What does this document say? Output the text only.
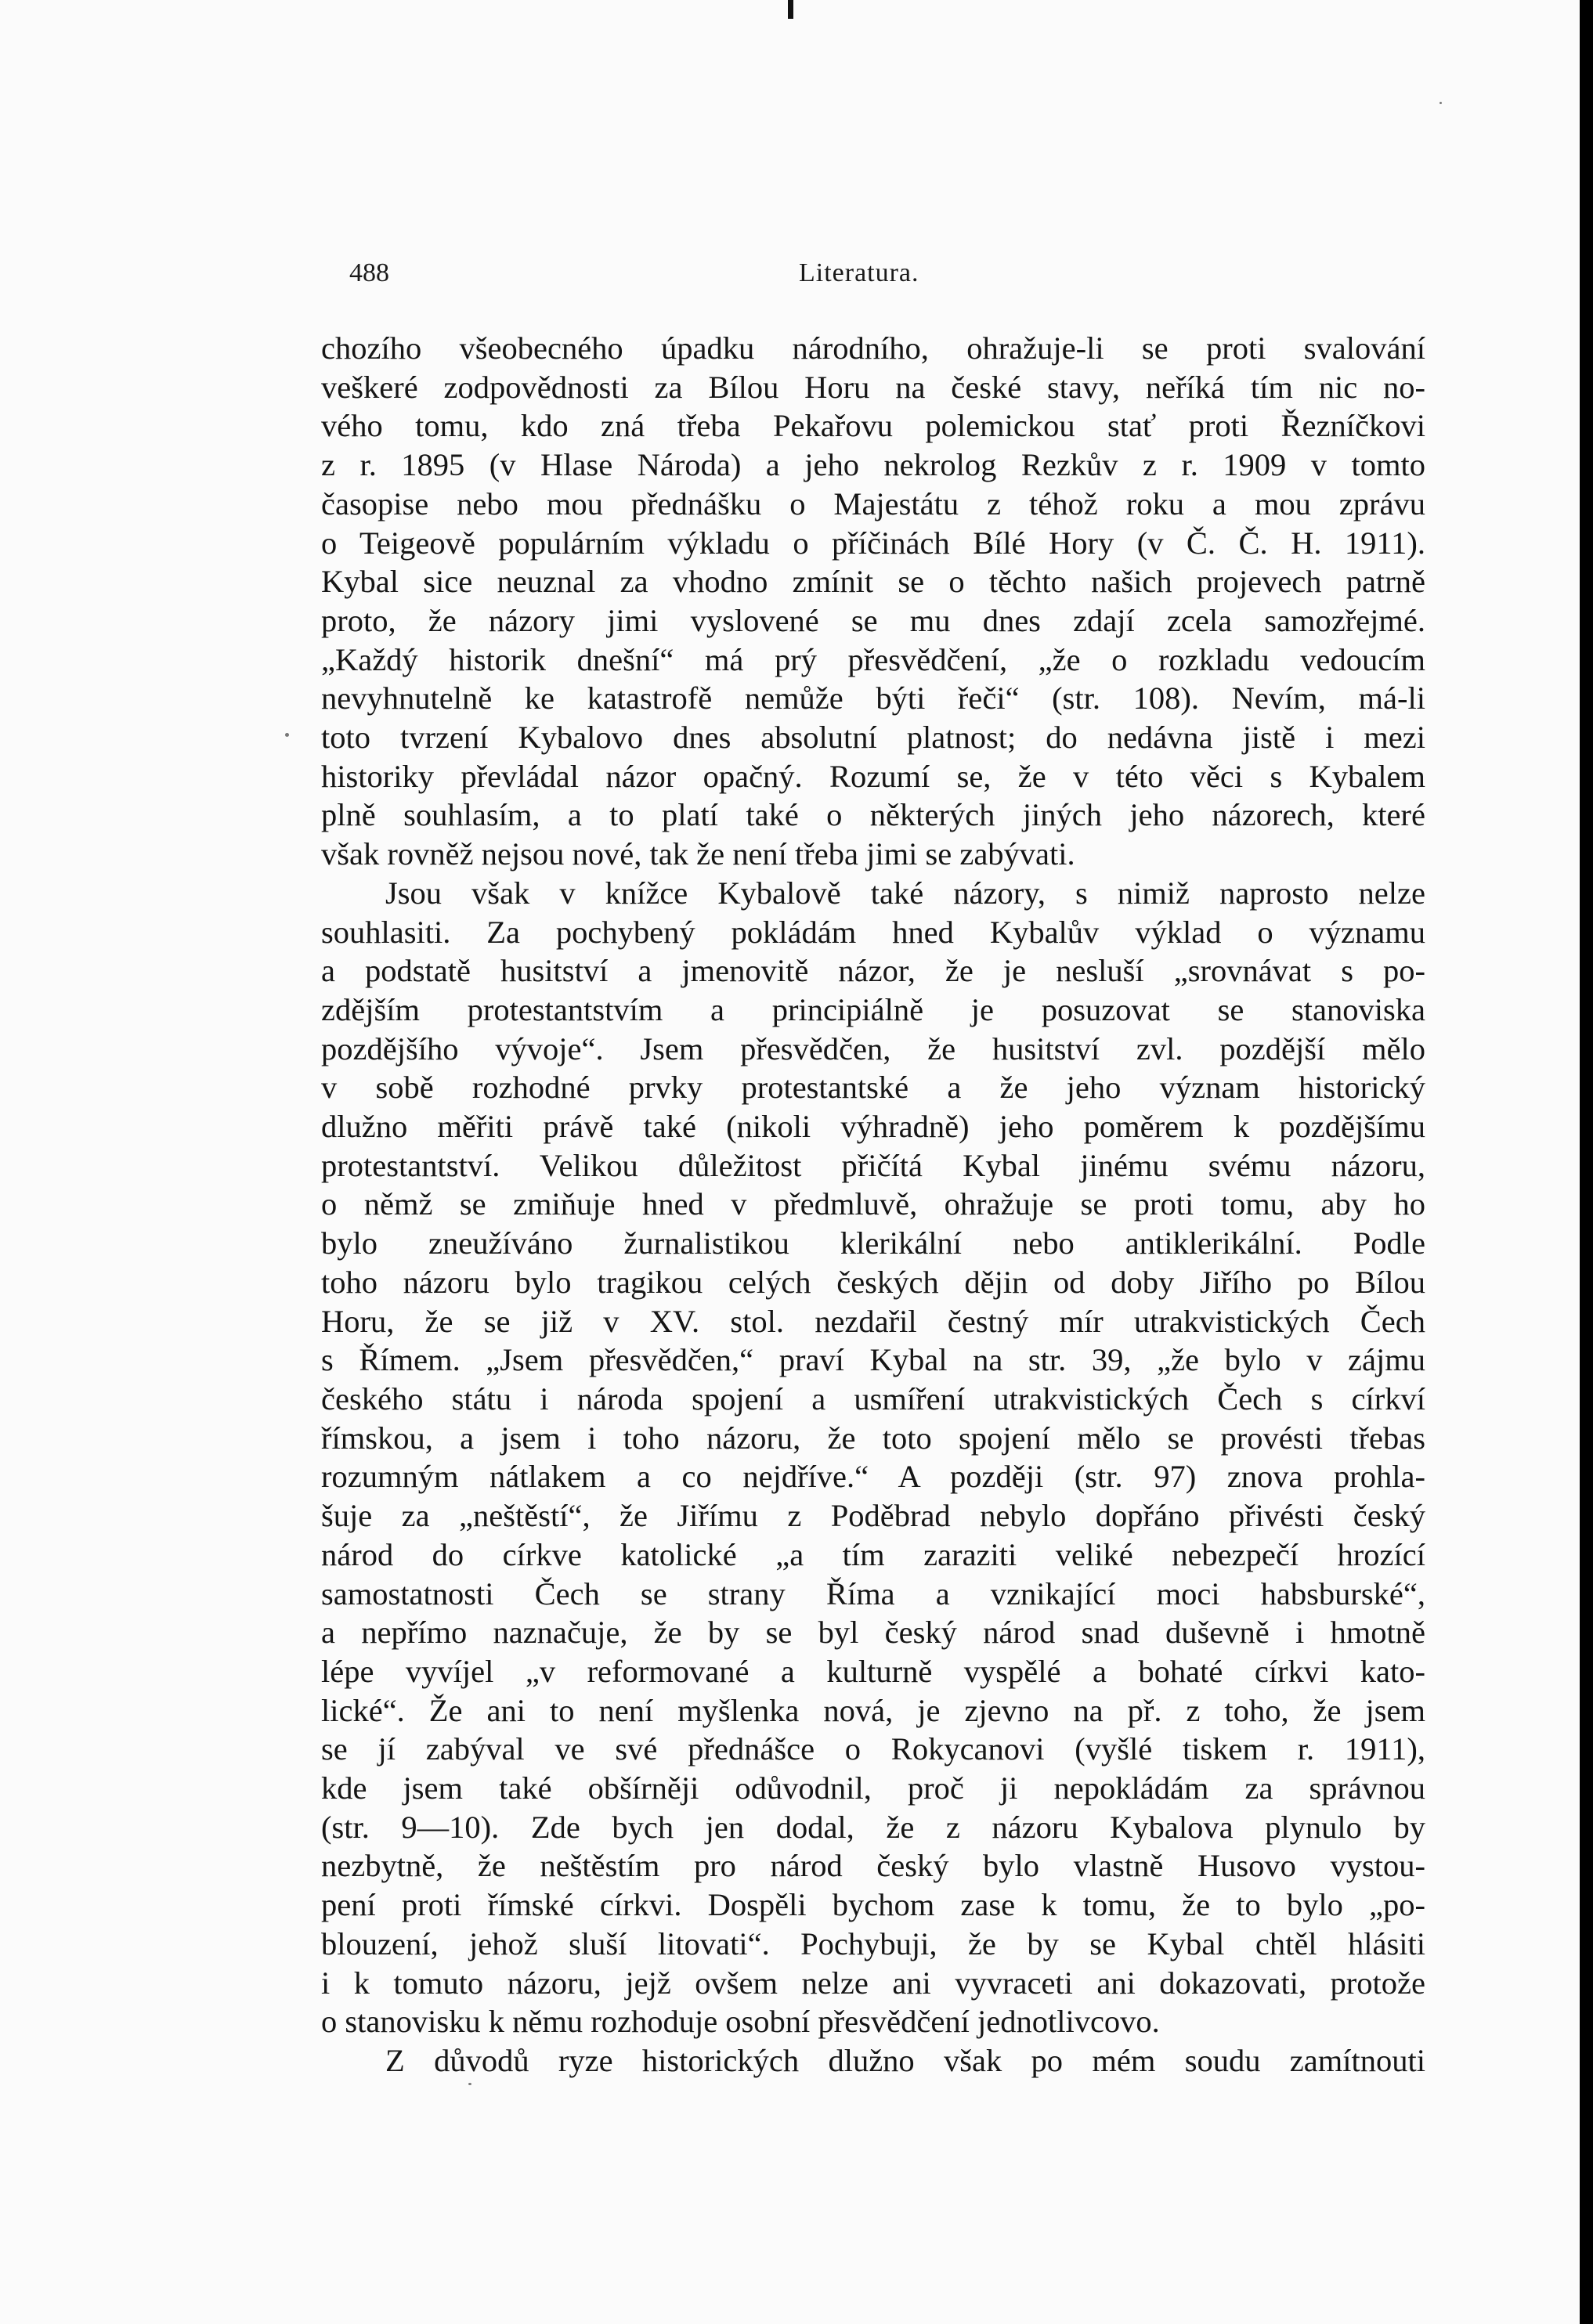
488	Literatura.
chozího všeobecného úpadku národního, ohražuje-li se proti svalování
veškeré zodpovědnosti za Bílou Horu na české stavy, neříká tím nic no-
vého tomu, kdo zná třeba Pekařovu polemickou stať proti Řezníčkovi
z r. 1895 (v Hlase Národa) a jeho nekrolog Rezkův z r. 1909 v tomto
časopise nebo mou přednášku o Majestátu z téhož roku a mou zprávu
o Teigeově populárním výkladu o příčinách Bílé Hory (v Č. Č. H. 1911).
Kybal sice neuznal za vhodno zmínit se o těchto našich projevech patrně
proto, že názory jimi vyslovené se mu dnes zdají zcela samozřejmé.
„Každý historik dnešní“ má prý přesvědčení, „že o rozkladu vedoucím
nevyhnutelně ke katastrofě nemůže býti řeči“ (str. 108). Nevím, má-li
toto tvrzení Kybalovo dnes absolutní platnost; do nedávna jistě i mezi
historiky převládal názor opačný. Rozumí se, že v této věci s Kybalem
plně souhlasím, a to platí také o některých jiných jeho názorech, které
však rovněž nejsou nové, tak že není třeba jimi se zabývati.
Jsou však v knížce Kybalově také názory, s nimiž naprosto nelze
souhlasiti. Za pochybený pokládám hned Kybalův výklad o významu
a podstatě husitství a jmenovitě názor, že je nesluší „srovnávat s po-
zdějším protestantstvím a principiálně je posuzovat se stanoviska
pozdějšího vývoje“. Jsem přesvědčen, že husitství zvl. pozdější mělo
v sobě rozhodné prvky protestantské a že jeho význam historický
dlužno měřiti právě také (nikoli výhradně) jeho poměrem k pozdějšímu
protestantství. Velikou důležitost přičítá Kybal jinému svému názoru,
o němž se zmiňuje hned v předmluvě, ohražuje se proti tomu, aby ho
bylo zneužíváno žurnalistikou klerikální nebo antiklerikální. Podle
toho názoru bylo tragikou celých českých dějin od doby Jiřího po Bílou
Horu, že se již v XV. stol. nezdařil čestný mír utrakvistických Čech
s Římem. „Jsem přesvědčen,“ praví Kybal na str. 39, „že bylo v zájmu
českého státu i národa spojení a usmíření utrakvistických Čech s církví
římskou, a jsem i toho názoru, že toto spojení mělo se provésti třebas
rozumným nátlakem a co nejdříve.“ A později (str. 97) znova prohla-
šuje za „neštěstí“, že Jiřímu z Poděbrad nebylo dopřáno přivésti český
národ do církve katolické „a tím zaraziti veliké nebezpečí hrozící
samostatnosti Čech se strany Říma a vznikající moci habsburské“,
a nepřímo naznačuje, že by se byl český národ snad duševně i hmotně
lépe vyvíjel „v reformované a kulturně vyspělé a bohaté církvi kato-
lické“. Že ani to není myšlenka nová, je zjevno na př. z toho, že jsem
se jí zabýval ve své přednášce o Rokycanovi (vyšlé tiskem r. 1911),
kde jsem také obšírněji odůvodnil, proč ji nepokládám za správnou
(str. 9—10). Zde bych jen dodal, že z názoru Kybalova plynulo by
nezbytně, že neštěstím pro národ český bylo vlastně Husovo vystou-
pení proti římské církvi. Dospěli bychom zase k tomu, že to bylo „po-
blouzení, jehož sluší litovati“. Pochybuji, že by se Kybal chtěl hlásiti
i k tomuto názoru, jejž ovšem nelze ani vyvraceti ani dokazovati, protože
o stanovisku k němu rozhoduje osobní přesvědčení jednotlivcovo.
Z důvodů ryze historických dlužno však po mém soudu zamítnouti
